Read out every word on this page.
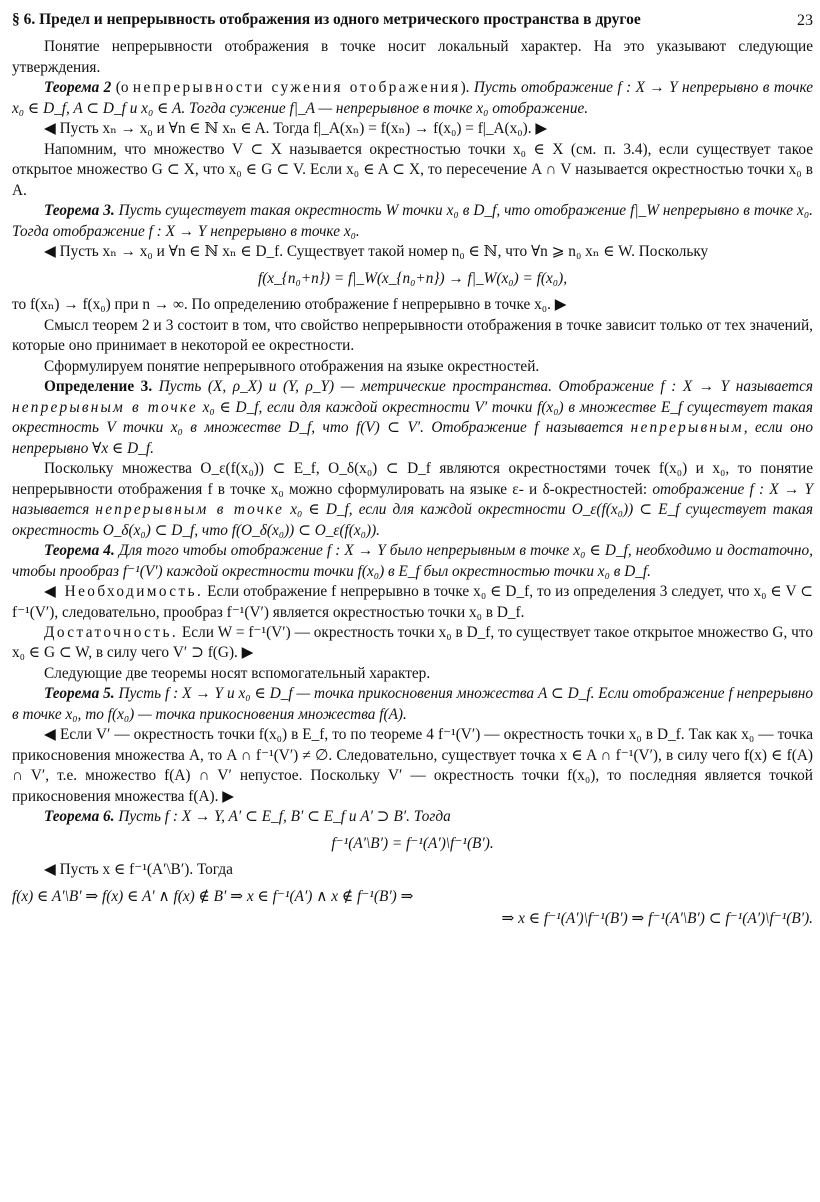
§ 6. Предел и непрерывность отображения из одного метрического пространства в другое	23

Понятие непрерывности отображения в точке носит локальный характер. На это указывают следующие утверждения.

Теорема 2 (о непрерывности сужения отображения). Пусть отображение f : X → Y непрерывно в точке x₀ ∈ D_f, A ⊂ D_f и x₀ ∈ A. Тогда сужение f|_A — непрерывное в точке x₀ отображение.

◀ Пусть xₙ → x₀ и ∀n ∈ ℕ xₙ ∈ A. Тогда f|_A(xₙ) = f(xₙ) → f(x₀) = f|_A(x₀). ▶

Напомним, что множество V ⊂ X называется окрестностью точки x₀ ∈ X (см. п. 3.4), если существует такое открытое множество G ⊂ X, что x₀ ∈ G ⊂ V. Если x₀ ∈ A ⊂ X, то пересечение A ∩ V называется окрестностью точки x₀ в A.

Теорема 3. Пусть существует такая окрестность W точки x₀ в D_f, что отображение f|_W непрерывно в точке x₀. Тогда отображение f : X → Y непрерывно в точке x₀.

◀ Пусть xₙ → x₀ и ∀n ∈ ℕ xₙ ∈ D_f. Существует такой номер n₀ ∈ ℕ, что ∀n ⩾ n₀ xₙ ∈ W. Поскольку

f(x_{n₀+n}) = f|_W(x_{n₀+n}) → f|_W(x₀) = f(x₀),

то f(xₙ) → f(x₀) при n → ∞. По определению отображение f непрерывно в точке x₀. ▶

Смысл теорем 2 и 3 состоит в том, что свойство непрерывности отображения в точке зависит только от тех значений, которые оно принимает в некоторой ее окрестности.

Сформулируем понятие непрерывного отображения на языке окрестностей.

Определение 3. Пусть (X, ρ_X) и (Y, ρ_Y) — метрические пространства. Отображение f : X → Y называется непрерывным в точке x₀ ∈ D_f, если для каждой окрестности V′ точки f(x₀) в множестве E_f существует такая окрестность V точки x₀ в множестве D_f, что f(V) ⊂ V′. Отображение f называется непрерывным, если оно непрерывно ∀x ∈ D_f.

Поскольку множества O_ε(f(x₀)) ⊂ E_f, O_δ(x₀) ⊂ D_f являются окрестностями точек f(x₀) и x₀, то понятие непрерывности отображения f в точке x₀ можно сформулировать на языке ε- и δ-окрестностей: отображение f : X → Y называется непрерывным в точке x₀ ∈ D_f, если для каждой окрестности O_ε(f(x₀)) ⊂ E_f существует такая окрестность O_δ(x₀) ⊂ D_f, что f(O_δ(x₀)) ⊂ O_ε(f(x₀)).

Теорема 4. Для того чтобы отображение f : X → Y было непрерывным в точке x₀ ∈ D_f, необходимо и достаточно, чтобы прообраз f⁻¹(V′) каждой окрестности точки f(x₀) в E_f был окрестностью точки x₀ в D_f.

◀ Необходимость. Если отображение f непрерывно в точке x₀ ∈ D_f, то из определения 3 следует, что x₀ ∈ V ⊂ f⁻¹(V′), следовательно, прообраз f⁻¹(V′) является окрестностью точки x₀ в D_f.

Достаточность. Если W = f⁻¹(V′) — окрестность точки x₀ в D_f, то существует такое открытое множество G, что x₀ ∈ G ⊂ W, в силу чего V′ ⊃ f(G). ▶

Следующие две теоремы носят вспомогательный характер.

Теорема 5. Пусть f : X → Y и x₀ ∈ D_f — точка прикосновения множества A ⊂ D_f. Если отображение f непрерывно в точке x₀, то f(x₀) — точка прикосновения множества f(A).

◀ Если V′ — окрестность точки f(x₀) в E_f, то по теореме 4 f⁻¹(V′) — окрестность точки x₀ в D_f. Так как x₀ — точка прикосновения множества A, то A ∩ f⁻¹(V′) ≠ ∅. Следовательно, существует точка x ∈ A ∩ f⁻¹(V′), в силу чего f(x) ∈ f(A) ∩ V′, т.е. множество f(A) ∩ V′ непустое. Поскольку V′ — окрестность точки f(x₀), то последняя является точкой прикосновения множества f(A). ▶

Теорема 6. Пусть f : X → Y, A′ ⊂ E_f, B′ ⊂ E_f и A′ ⊃ B′. Тогда

f⁻¹(A′\B′) = f⁻¹(A′)\f⁻¹(B′).

◀ Пусть x ∈ f⁻¹(A′\B′). Тогда

f(x) ∈ A′\B′ ⇒ f(x) ∈ A′ ∧ f(x) ∉ B′ ⇒ x ∈ f⁻¹(A′) ∧ x ∉ f⁻¹(B′) ⇒

⇒ x ∈ f⁻¹(A′)\f⁻¹(B′) ⇒ f⁻¹(A′\B′) ⊂ f⁻¹(A′)\f⁻¹(B′).
